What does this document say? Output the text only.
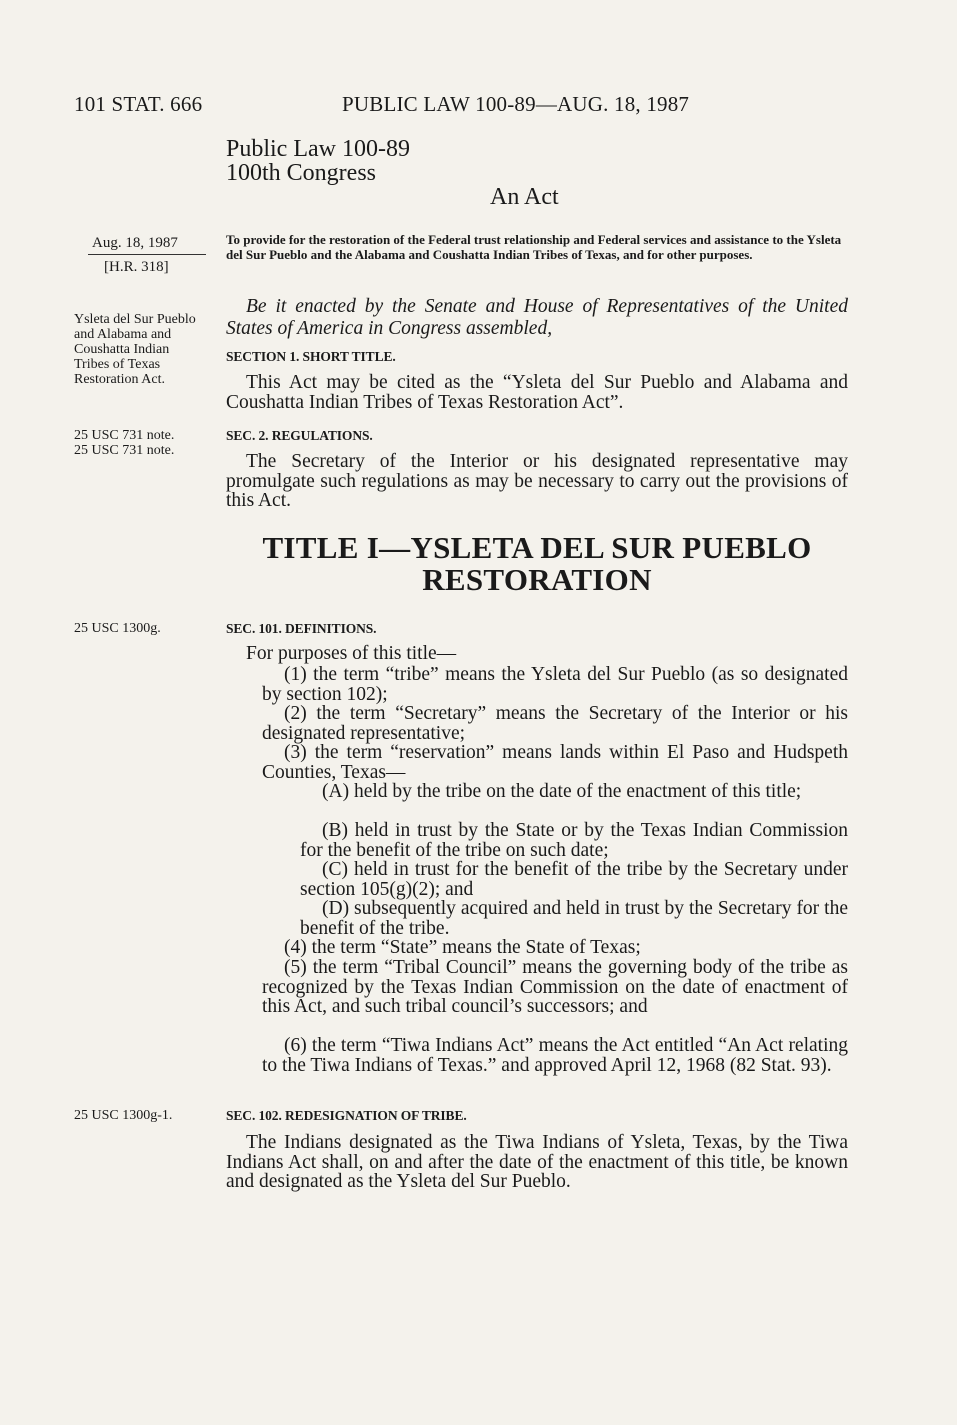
101 STAT. 666	PUBLIC LAW 100-89—AUG. 18, 1987
Public Law 100-89
100th Congress
An Act
Aug. 18, 1987
[H.R. 318]
Ysleta del Sur Pueblo and Alabama and Coushatta Indian Tribes of Texas Restoration Act.
25 USC 731 note.
25 USC 731 note.
25 USC 1300g.
25 USC 1300g-1.
To provide for the restoration of the Federal trust relationship and Federal services and assistance to the Ysleta del Sur Pueblo and the Alabama and Coushatta Indian Tribes of Texas, and for other purposes.
Be it enacted by the Senate and House of Representatives of the United States of America in Congress assembled,
SECTION 1. SHORT TITLE.
This Act may be cited as the “Ysleta del Sur Pueblo and Alabama and Coushatta Indian Tribes of Texas Restoration Act”.
SEC. 2. REGULATIONS.
The Secretary of the Interior or his designated representative may promulgate such regulations as may be necessary to carry out the provisions of this Act.
TITLE I—YSLETA DEL SUR PUEBLO
RESTORATION
SEC. 101. DEFINITIONS.
For purposes of this title—
(1) the term “tribe” means the Ysleta del Sur Pueblo (as so designated by section 102);
(2) the term “Secretary” means the Secretary of the Interior or his designated representative;
(3) the term “reservation” means lands within El Paso and Hudspeth Counties, Texas—
(A) held by the tribe on the date of the enactment of this title;
(B) held in trust by the State or by the Texas Indian Commission for the benefit of the tribe on such date;
(C) held in trust for the benefit of the tribe by the Secretary under section 105(g)(2); and
(D) subsequently acquired and held in trust by the Secretary for the benefit of the tribe.
(4) the term “State” means the State of Texas;
(5) the term “Tribal Council” means the governing body of the tribe as recognized by the Texas Indian Commission on the date of enactment of this Act, and such tribal council’s successors; and
(6) the term “Tiwa Indians Act” means the Act entitled “An Act relating to the Tiwa Indians of Texas.” and approved April 12, 1968 (82 Stat. 93).
SEC. 102. REDESIGNATION OF TRIBE.
The Indians designated as the Tiwa Indians of Ysleta, Texas, by the Tiwa Indians Act shall, on and after the date of the enactment of this title, be known and designated as the Ysleta del Sur Pueblo.
